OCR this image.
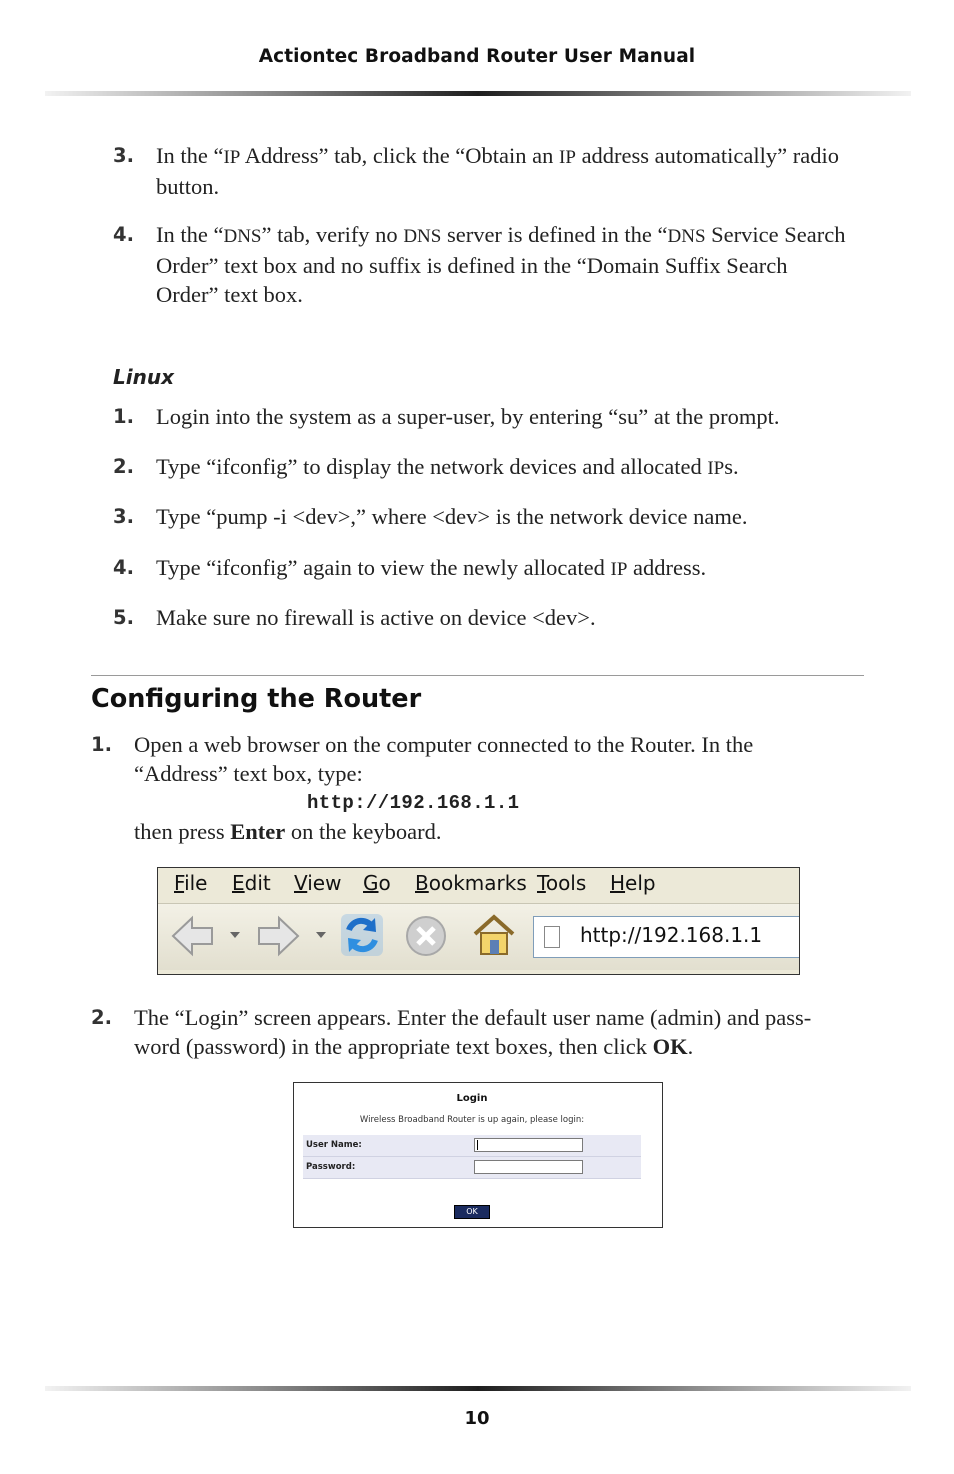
Actiontec Broadband Router User Manual
3. In the “IP Address” tab, click the “Obtain an IP address automatically” radio
button.
4. In the “DNS” tab, verify no DNS server is defined in the “DNS Service Search
Order” text box and no suffix is defined in the “Domain Suffix Search
Order” text box.
Linux
1. Login into the system as a super-user, by entering “su” at the prompt.
2. Type “ifconfig” to display the network devices and allocated IPs.
3. Type “pump -i <dev>,” where <dev> is the network device name.
4. Type “ifconfig” again to view the newly allocated IP address.
5. Make sure no firewall is active on device <dev>.
Configuring the Router
1. Open a web browser on the computer connected to the Router. In the
“Address” text box, type:
http://192.168.1.1
then press Enter on the keyboard.
File Edit View Go Bookmarks Tools Help
http://192.168.1.1
2. The “Login” screen appears. Enter the default user name (admin) and pass-
word (password) in the appropriate text boxes, then click OK.
Login
Wireless Broadband Router is up again, please login:
User Name:
Password:
OK
10
